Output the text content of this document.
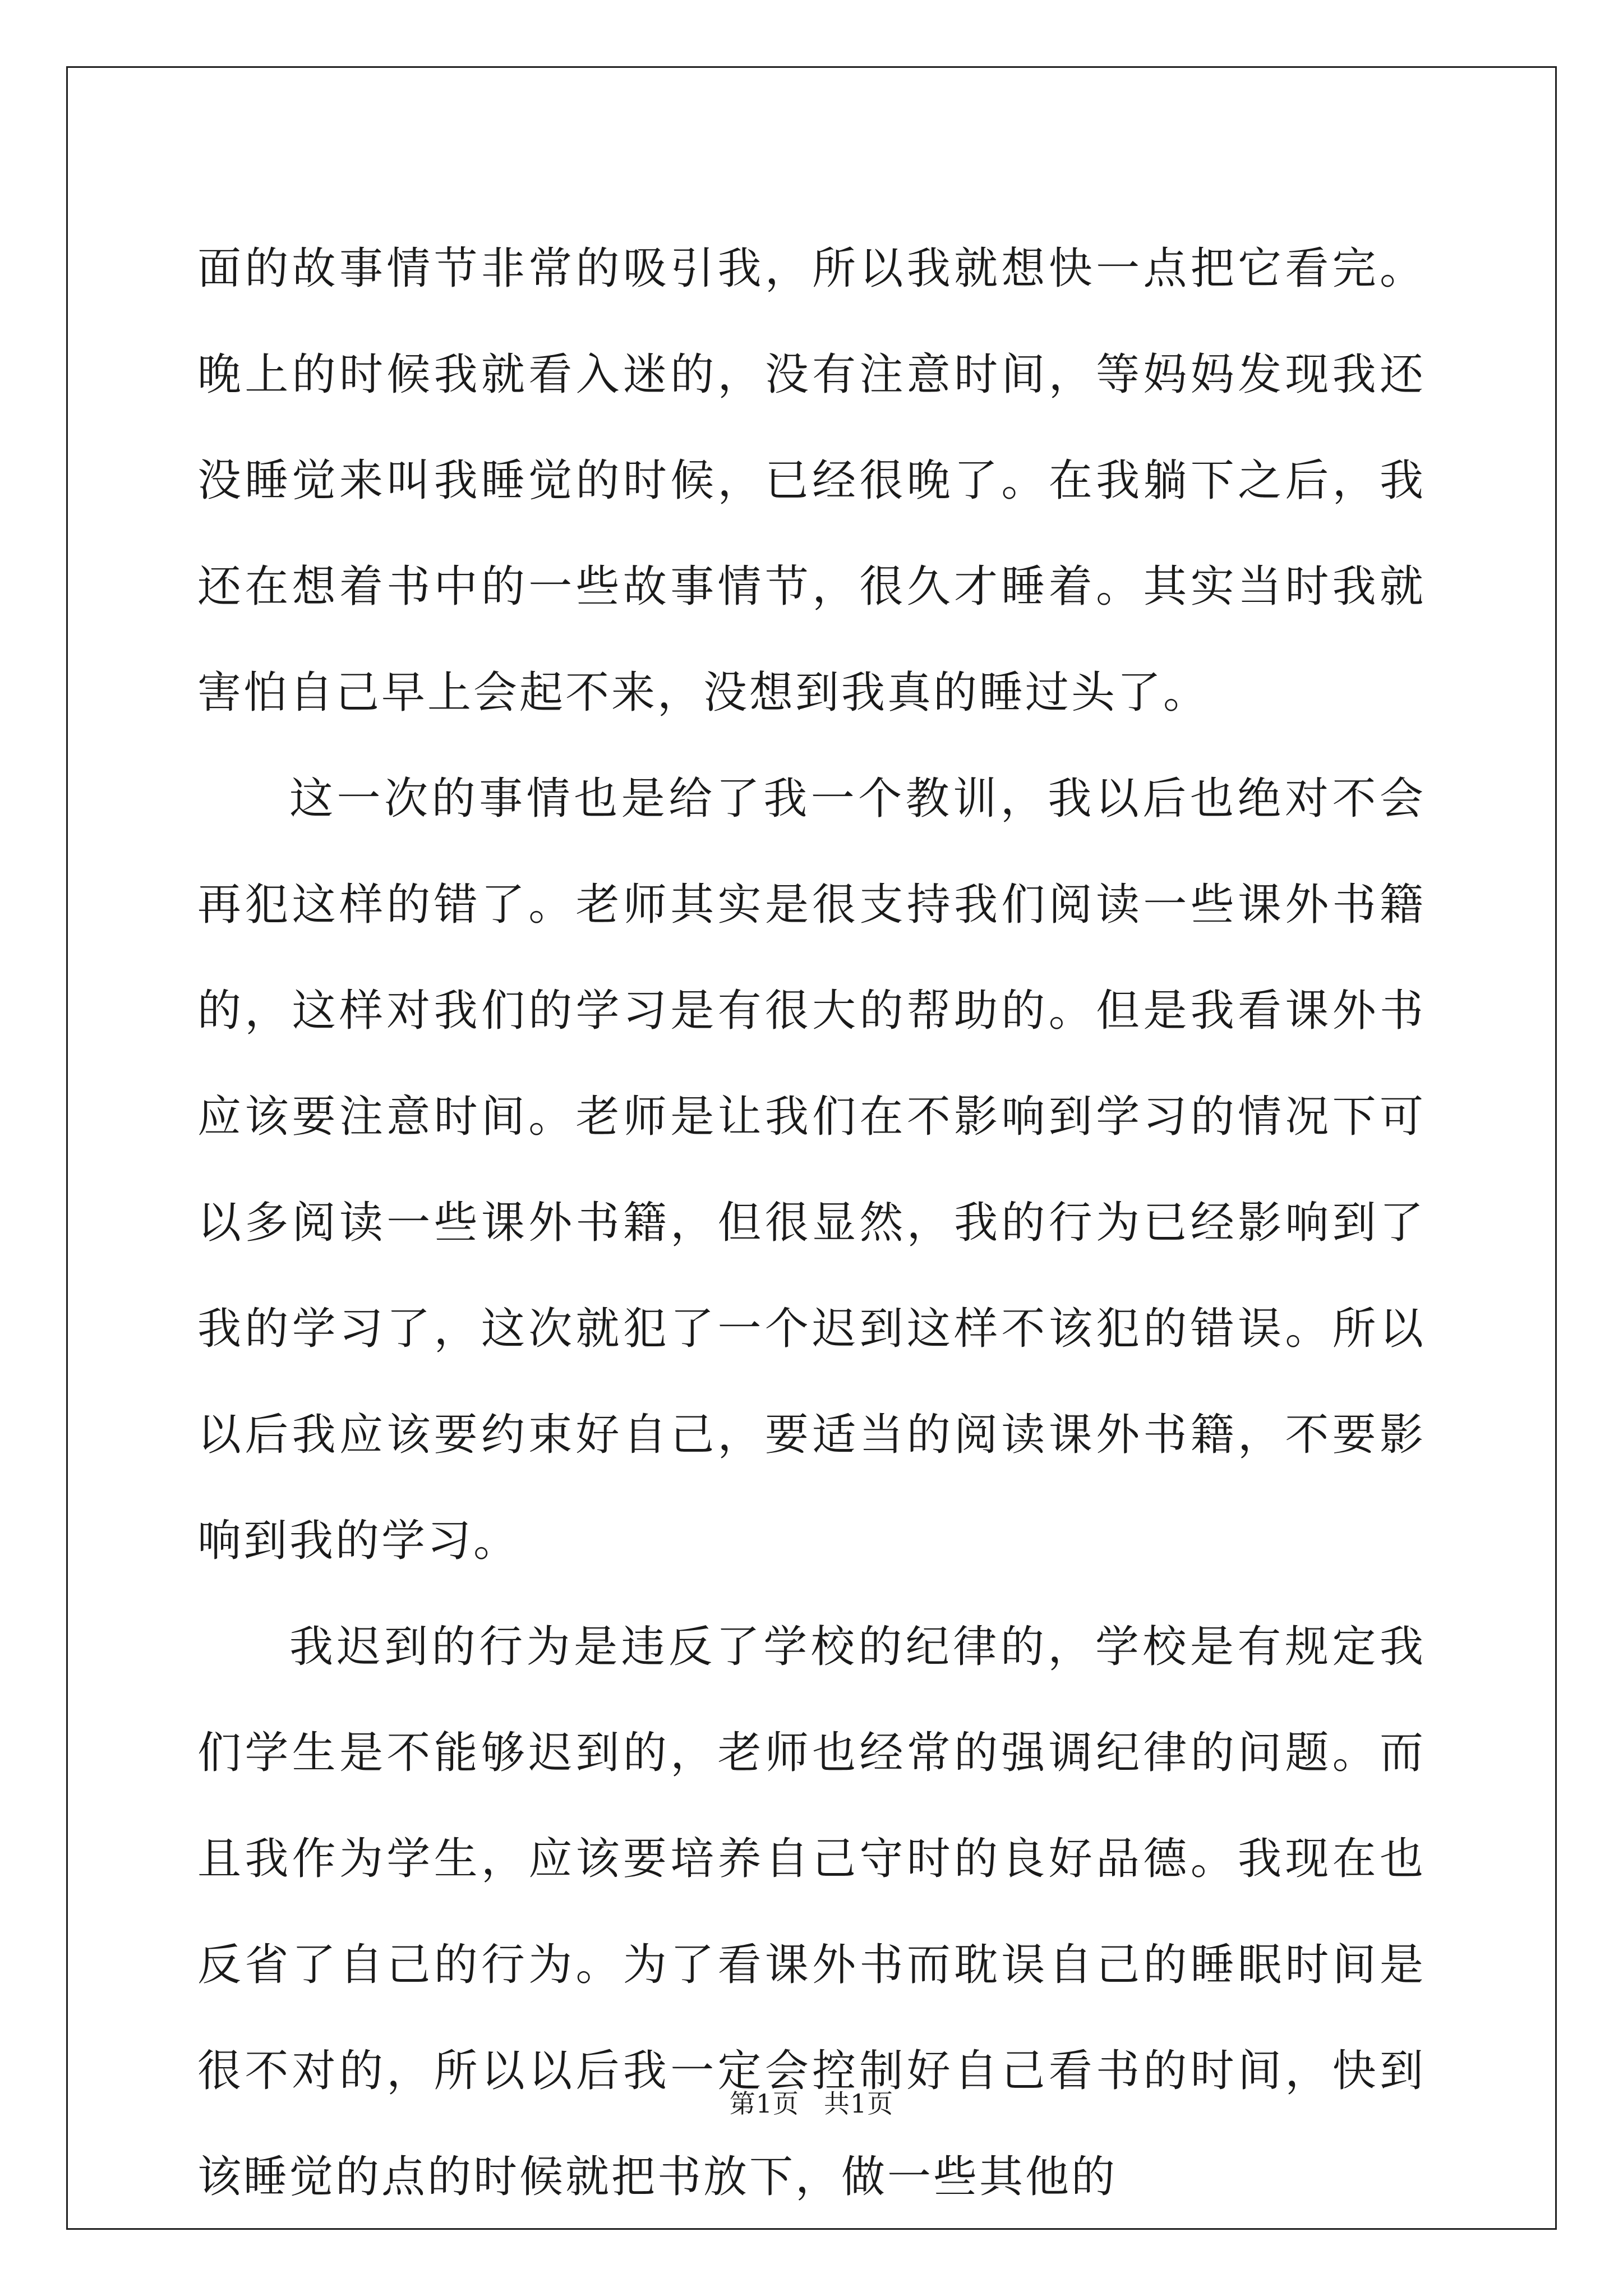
面的故事情节非常的吸引我，所以我就想快一点把它看完。晚上的时候我就看入迷的，没有注意时间，等妈妈发现我还没睡觉来叫我睡觉的时候，已经很晚了。在我躺下之后，我还在想着书中的一些故事情节，很久才睡着。其实当时我就害怕自己早上会起不来，没想到我真的睡过头了。

这一次的事情也是给了我一个教训，我以后也绝对不会再犯这样的错了。老师其实是很支持我们阅读一些课外书籍的，这样对我们的学习是有很大的帮助的。但是我看课外书应该要注意时间。老师是让我们在不影响到学习的情况下可以多阅读一些课外书籍，但很显然，我的行为已经影响到了我的学习了，这次就犯了一个迟到这样不该犯的错误。所以以后我应该要约束好自己，要适当的阅读课外书籍，不要影响到我的学习。

我迟到的行为是违反了学校的纪律的，学校是有规定我们学生是不能够迟到的，老师也经常的强调纪律的问题。而且我作为学生，应该要培养自己守时的良好品德。我现在也反省了自己的行为。为了看课外书而耽误自己的睡眠时间是很不对的，所以以后我一定会控制好自己看书的时间，快到该睡觉的点的时候就把书放下，做一些其他的

第1页 共1页
